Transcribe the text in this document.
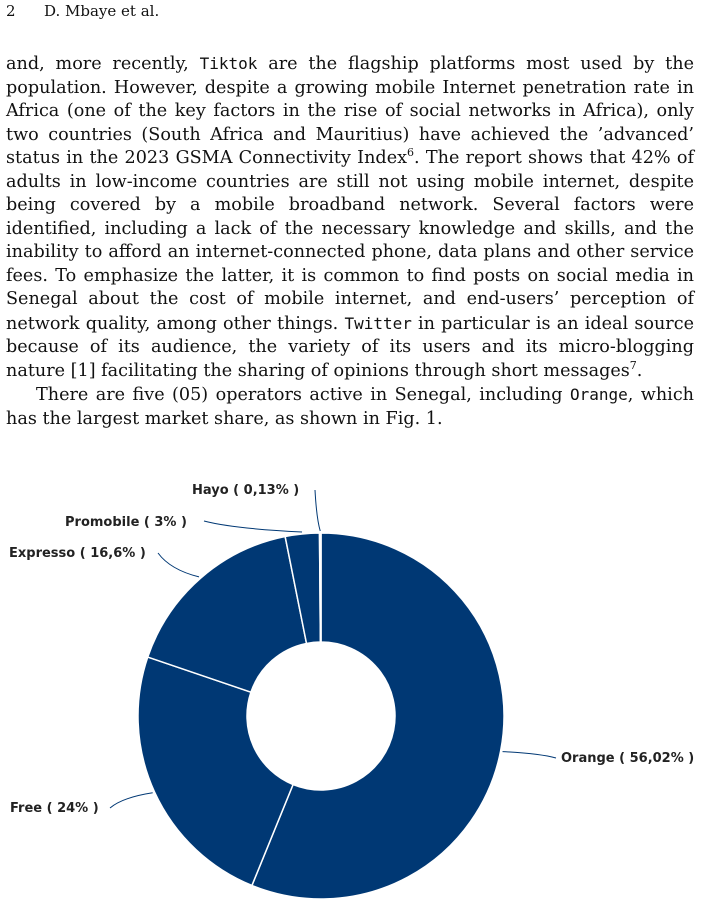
2 D. Mbaye et al.

and, more recently, Tiktok are the flagship platforms most used by the population. However, despite a growing mobile Internet penetration rate in Africa (one of the key factors in the rise of social networks in Africa), only two countries (South Africa and Mauritius) have achieved the ’advanced’ status in the 2023 GSMA Connectivity Index$^6$. The report shows that 42% of adults in low-income countries are still not using mobile internet, despite being covered by a mobile broadband network. Several factors were identified, including a lack of the necessary knowledge and skills, and the inability to afford an internet-connected phone, data plans and other service fees. To emphasize the latter, it is common to find posts on social media in Senegal about the cost of mobile internet, and end-users’ perception of network quality, among other things. Twitter in particular is an ideal source because of its audience, the variety of its users and its micro-blogging nature [1] facilitating the sharing of opinions through short messages$^7$.

There are five (05) operators active in Senegal, including Orange, which has the largest market share, as shown in Fig. 1.

Orange ( 56,02% )
Free ( 24% )
Expresso ( 16,6% )
Promobile ( 3% )
Hayo ( 0,13% )
